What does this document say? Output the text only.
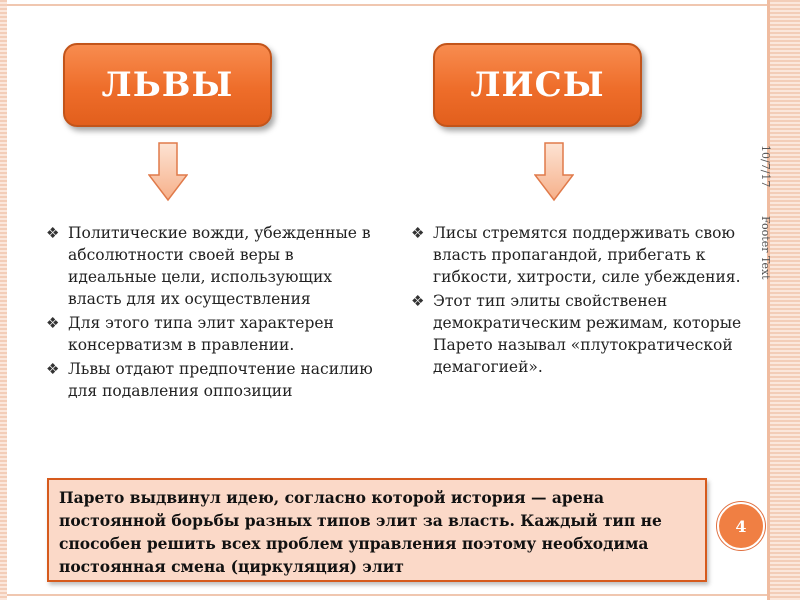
ЛЬВЫ	ЛИСЫ
❖ Политические вожди, убежденные в абсолютности своей веры в идеальные цели, использующих власть для их осуществления
❖ Для этого типа элит характерен консерватизм в правлении.
❖ Львы отдают предпочтение насилию для подавления оппозиции
❖ Лисы стремятся поддерживать свою власть пропагандой, прибегать к гибкости, хитрости, силе убеждения.
❖ Этот тип элиты свойственен демократическим режимам, которые Парето называл «плутократической демагогией».
10/7/17
Footer Text
Парето выдвинул идею, согласно которой история — арена постоянной борьбы разных типов элит за власть. Каждый тип не способен решить всех проблем управления поэтому необходима постоянная смена (циркуляция) элит
4
